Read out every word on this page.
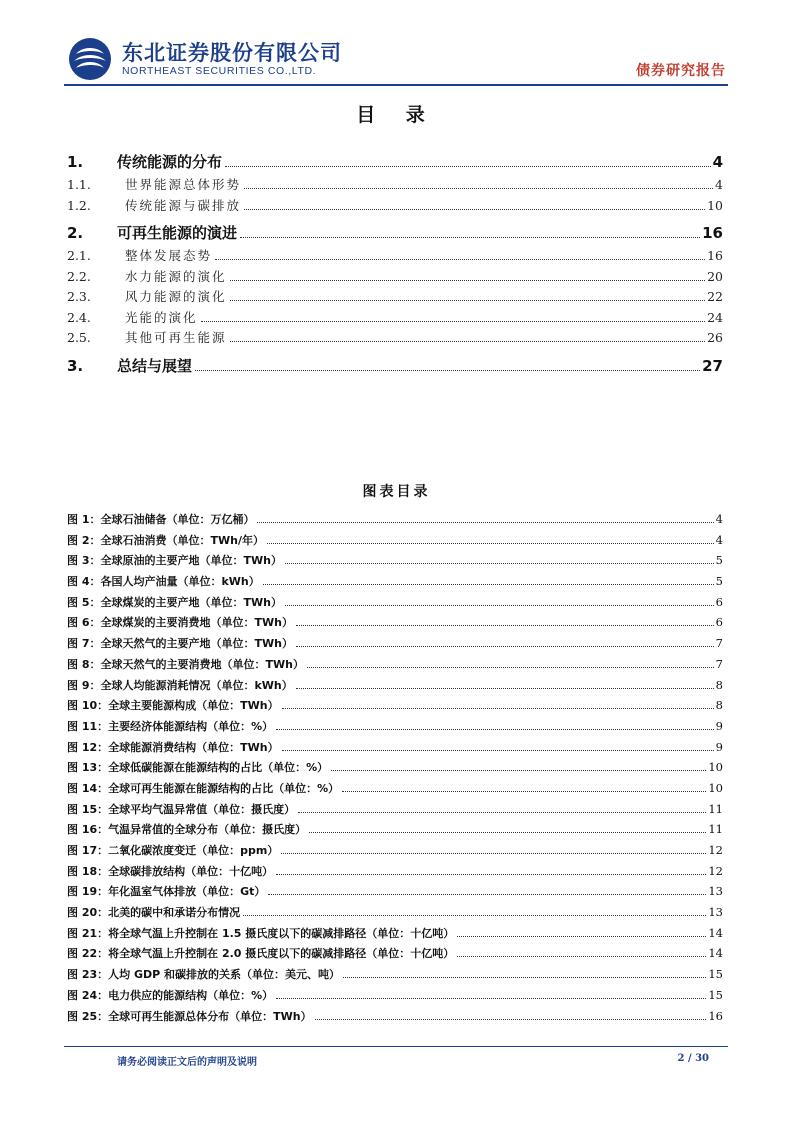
东北证券股份有限公司
NORTHEAST SECURITIES CO.,LTD.	债券研究报告
目 录
1.	传统能源的分布	4
1.1.	世界能源总体形势	4
1.2.	传统能源与碳排放	10
2.	可再生能源的演进	16
2.1.	整体发展态势	16
2.2.	水力能源的演化	20
2.3.	风力能源的演化	22
2.4.	光能的演化	24
2.5.	其他可再生能源	26
3.	总结与展望	27
图表目录
图 1：全球石油储备（单位：万亿桶）	4
图 2：全球石油消费（单位：TWh/年）	4
图 3：全球原油的主要产地（单位：TWh）	5
图 4：各国人均产油量（单位：kWh）	5
图 5：全球煤炭的主要产地（单位：TWh）	6
图 6：全球煤炭的主要消费地（单位：TWh）	6
图 7：全球天然气的主要产地（单位：TWh）	7
图 8：全球天然气的主要消费地（单位：TWh）	7
图 9：全球人均能源消耗情况（单位：kWh）	8
图 10：全球主要能源构成（单位：TWh）	8
图 11：主要经济体能源结构（单位：%）	9
图 12：全球能源消费结构（单位：TWh）	9
图 13：全球低碳能源在能源结构的占比（单位：%）	10
图 14：全球可再生能源在能源结构的占比（单位：%）	10
图 15：全球平均气温异常值（单位：摄氏度）	11
图 16：气温异常值的全球分布（单位：摄氏度）	11
图 17：二氧化碳浓度变迁（单位：ppm）	12
图 18：全球碳排放结构（单位：十亿吨）	12
图 19：年化温室气体排放（单位：Gt）	13
图 20：北美的碳中和承诺分布情况	13
图 21：将全球气温上升控制在 1.5 摄氏度以下的碳减排路径（单位：十亿吨）	14
图 22：将全球气温上升控制在 2.0 摄氏度以下的碳减排路径（单位：十亿吨）	14
图 23：人均 GDP 和碳排放的关系（单位：美元、吨）	15
图 24：电力供应的能源结构（单位：%）	15
图 25：全球可再生能源总体分布（单位：TWh）	16
请务必阅读正文后的声明及说明	2 / 30
